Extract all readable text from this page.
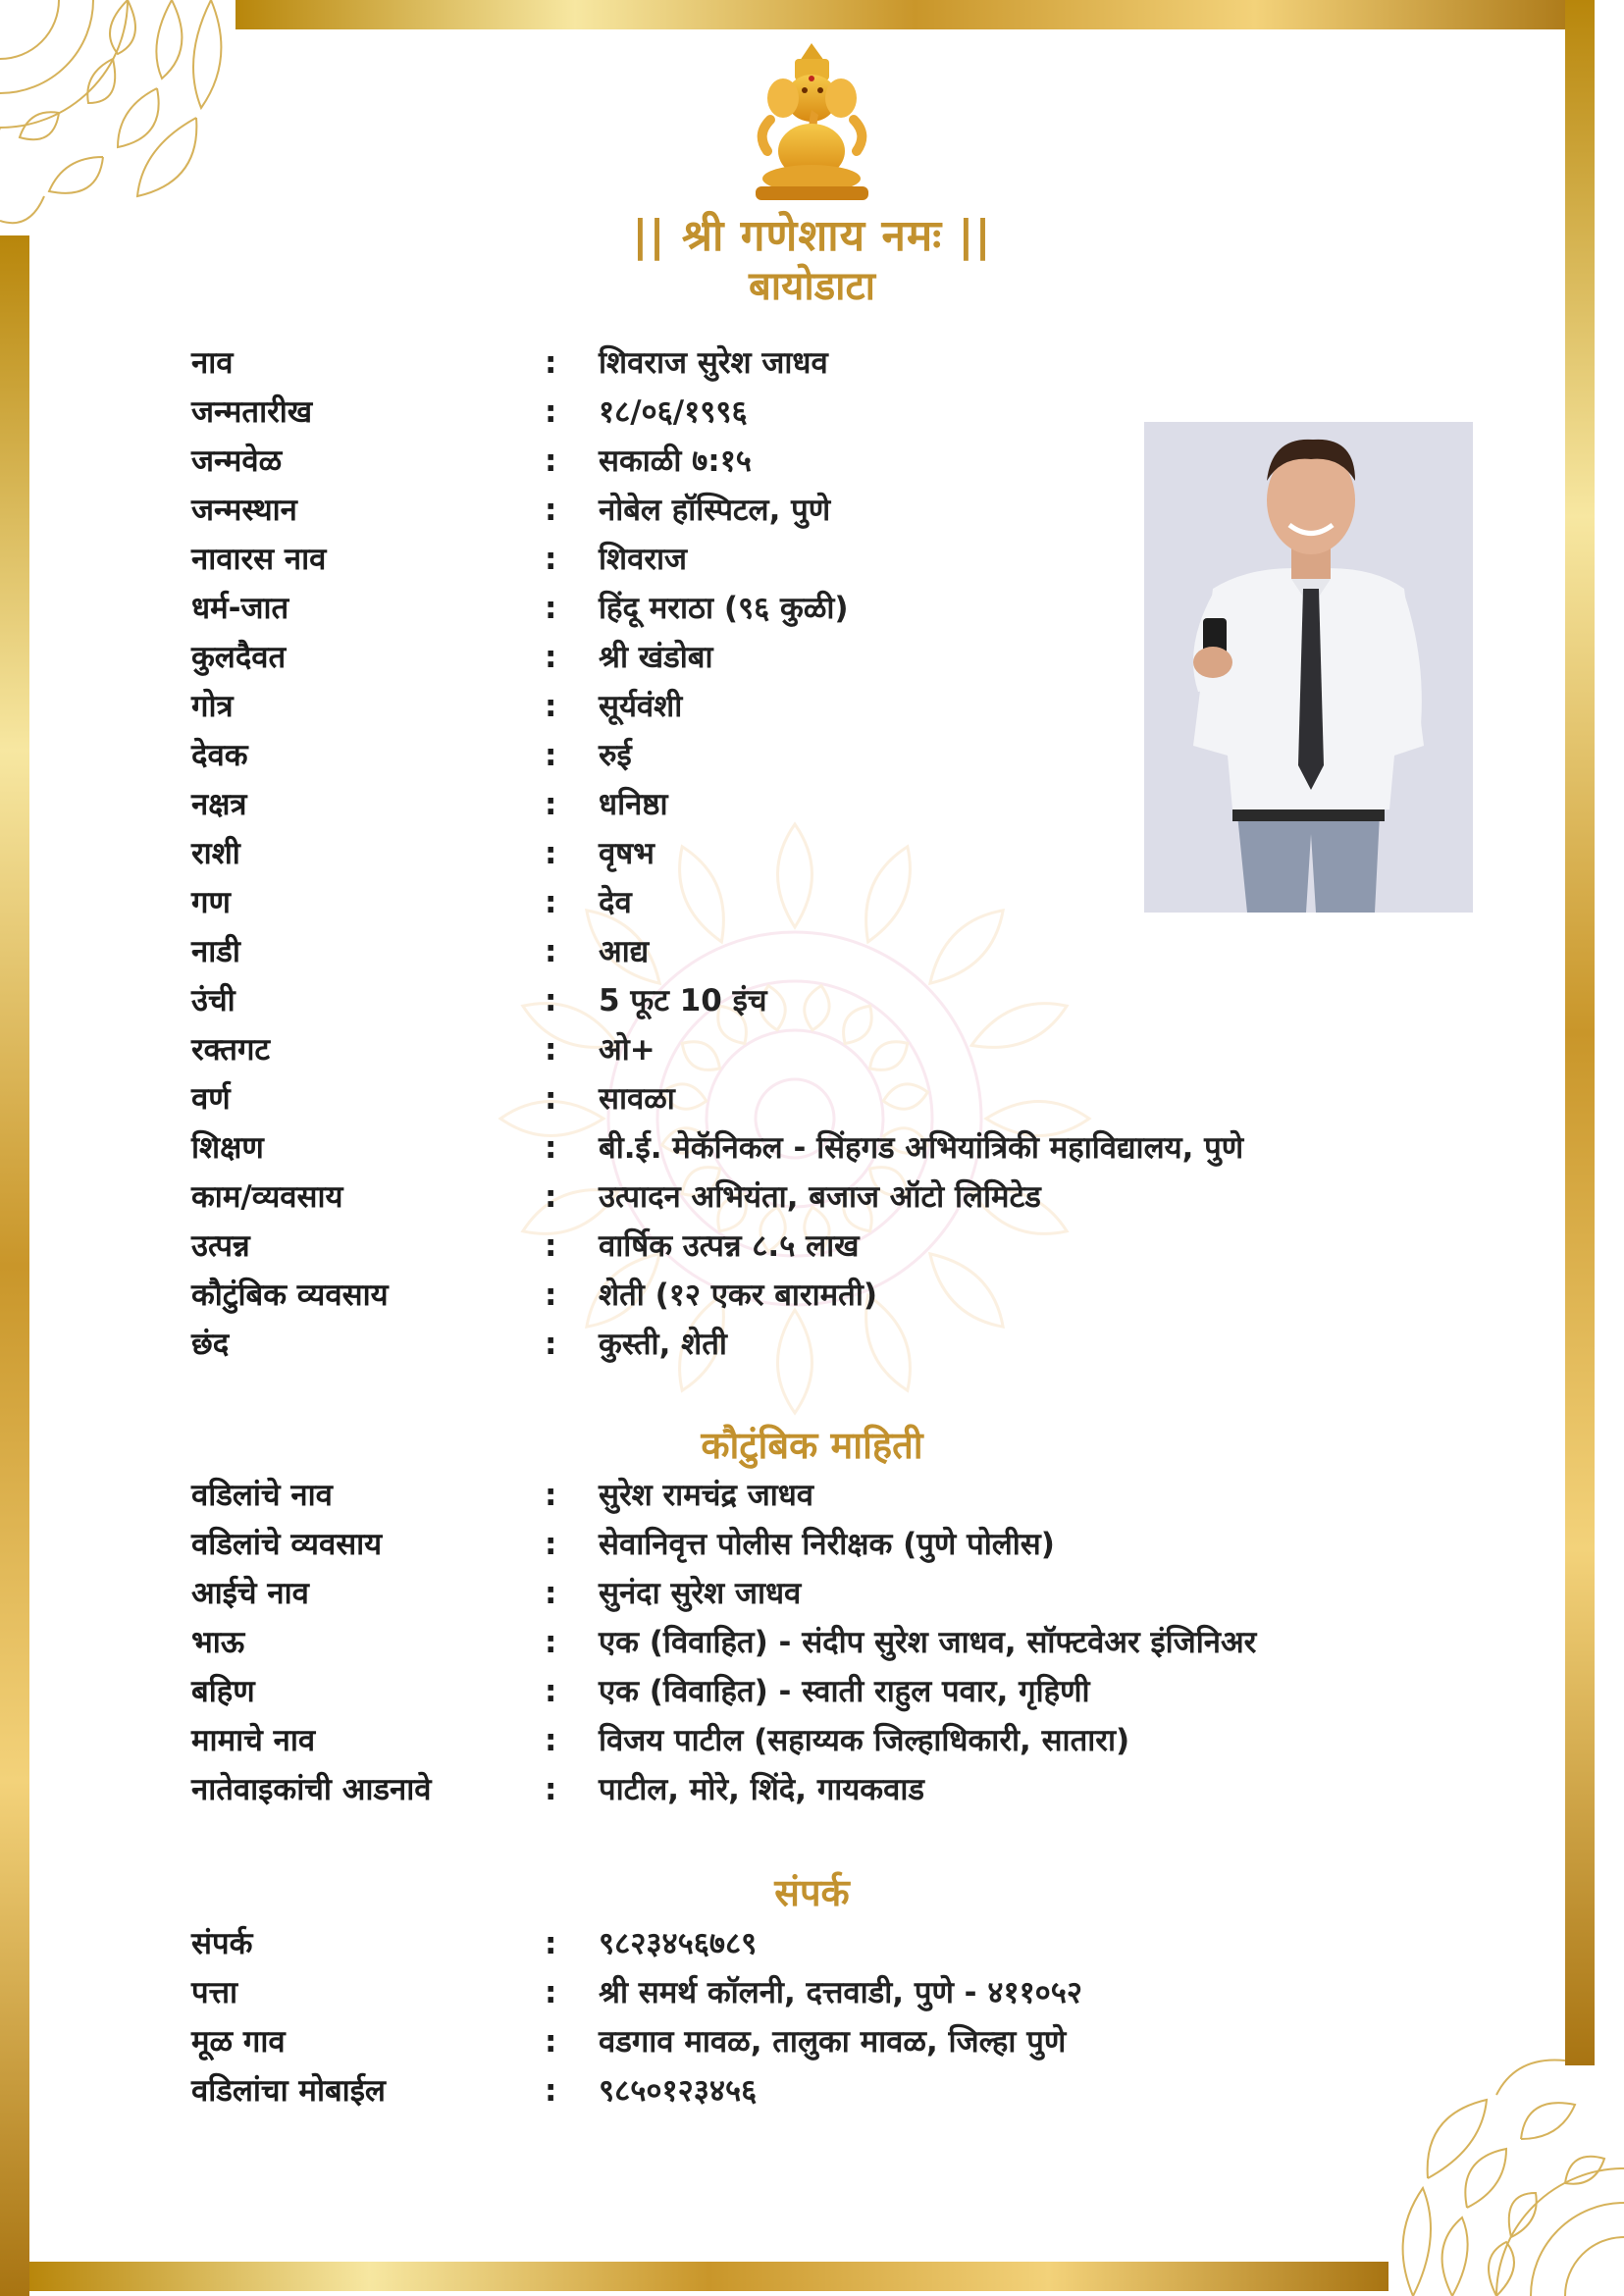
|| श्री गणेशाय नमः ||
बायोडाटा
नाव	: शिवराज सुरेश जाधव
जन्मतारीख	: १८/०६/१९९६
जन्मवेळ	: सकाळी ७:१५
जन्मस्थान	: नोबेल हॉस्पिटल, पुणे
नावारस नाव	: शिवराज
धर्म-जात	: हिंदू मराठा (९६ कुळी)
कुलदैवत	: श्री खंडोबा
गोत्र	: सूर्यवंशी
देवक	: रुई
नक्षत्र	: धनिष्ठा
राशी	: वृषभ
गण	: देव
नाडी	: आद्य
उंची	: 5 फूट 10 इंच
रक्तगट	: ओ+
वर्ण	: सावळा
शिक्षण	: बी.ई. मेकॅनिकल - सिंहगड अभियांत्रिकी महाविद्यालय, पुणे
काम/व्यवसाय	: उत्पादन अभियंता, बजाज ऑटो लिमिटेड
उत्पन्न	: वार्षिक उत्पन्न ८.५ लाख
कौटुंबिक व्यवसाय	: शेती (१२ एकर बारामती)
छंद	: कुस्ती, शेती
कौटुंबिक माहिती
वडिलांचे नाव	: सुरेश रामचंद्र जाधव
वडिलांचे व्यवसाय	: सेवानिवृत्त पोलीस निरीक्षक (पुणे पोलीस)
आईचे नाव	: सुनंदा सुरेश जाधव
भाऊ	: एक (विवाहित) - संदीप सुरेश जाधव, सॉफ्टवेअर इंजिनिअर
बहिण	: एक (विवाहित) - स्वाती राहुल पवार, गृहिणी
मामाचे नाव	: विजय पाटील (सहाय्यक जिल्हाधिकारी, सातारा)
नातेवाइकांची आडनावे	: पाटील, मोरे, शिंदे, गायकवाड
संपर्क
संपर्क	: ९८२३४५६७८९
पत्ता	: श्री समर्थ कॉलनी, दत्तवाडी, पुणे - ४११०५२
मूळ गाव	: वडगाव मावळ, तालुका मावळ, जिल्हा पुणे
वडिलांचा मोबाईल	: ९८५०१२३४५६
